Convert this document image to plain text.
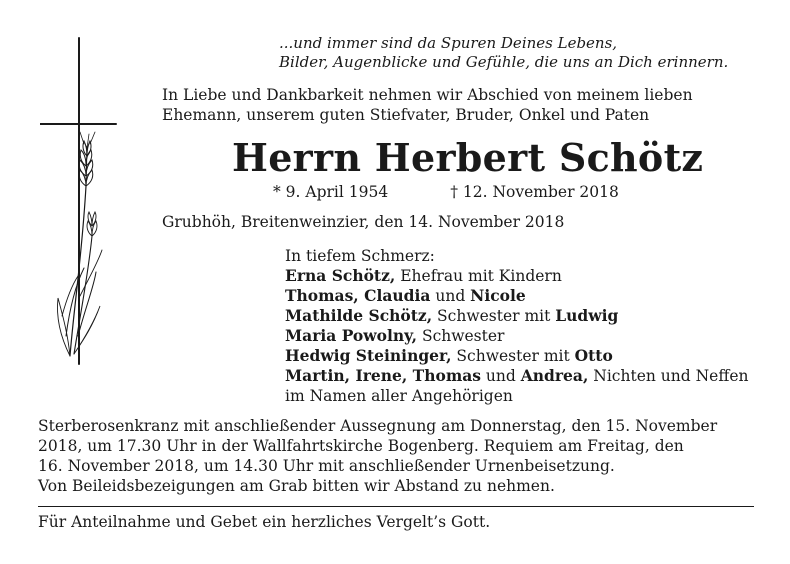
...und immer sind da Spuren Deines Lebens,
Bilder, Augenblicke und Gefühle, die uns an Dich erinnern.
In Liebe und Dankbarkeit nehmen wir Abschied von meinem lieben
Ehemann, unserem guten Stiefvater, Bruder, Onkel und Paten
Herrn Herbert Schötz
* 9. April 1954	† 12. November 2018
Grubhöh, Breitenweinzier, den 14. November 2018
In tiefem Schmerz:
Erna Schötz, Ehefrau mit Kindern
Thomas, Claudia und Nicole
Mathilde Schötz, Schwester mit Ludwig
Maria Powolny, Schwester
Hedwig Steininger, Schwester mit Otto
Martin, Irene, Thomas und Andrea, Nichten und Neffen
im Namen aller Angehörigen
Sterberosenkranz mit anschließender Aussegnung am Donnerstag, den 15. November
2018, um 17.30 Uhr in der Wallfahrtskirche Bogenberg. Requiem am Freitag, den
16. November 2018, um 14.30 Uhr mit anschließender Urnenbeisetzung.
Von Beileidsbezeigungen am Grab bitten wir Abstand zu nehmen.
Für Anteilnahme und Gebet ein herzliches Vergelt’s Gott.
